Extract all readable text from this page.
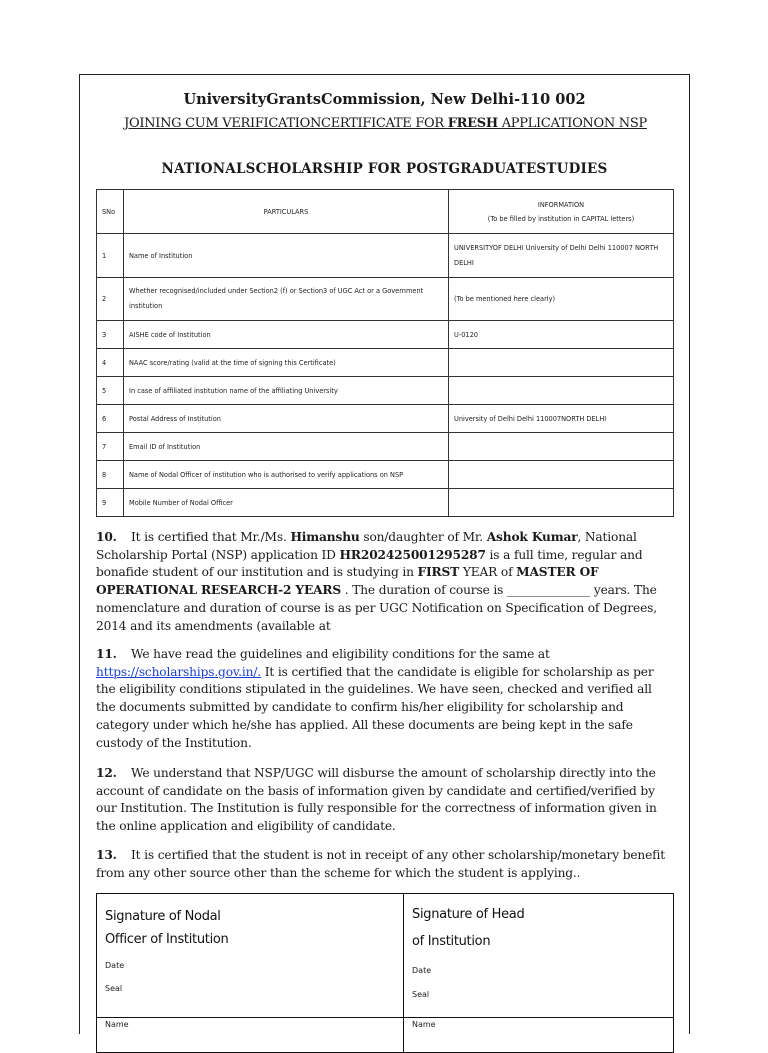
UniversityGrantsCommission, New Delhi-110 002
JOINING CUM VERIFICATIONCERTIFICATE FOR FRESH APPLICATIONON NSP
NATIONALSCHOLARSHIP FOR POSTGRADUATESTUDIES
SNo	PARTICULARS	INFORMATION
(To be filled by institution in CAPITAL letters)

1	Name of Institution	UNIVERSITYOF DELHI University of Delhi Delhi 110007 NORTH DELHI
2	Whether recognised/included under Section2 (f) or Section3 of UGC Act or a Government institution	(To be mentioned here clearly)
3	AISHE code of Institution	U-0120
4	NAAC score/rating (valid at the time of signing this Certificate)	
5	In case of affiliated institution name of the affiliating University	
6	Postal Address of Institution	University of Delhi Delhi 110007NORTH DELHI
7	Email ID of Institution	
8	Name of Nodal Officer of institution who is authorised to verify applications on NSP	
9	Mobile Number of Nodal Officer	

10. It is certified that Mr./Ms. Himanshu son/daughter of Mr. Ashok Kumar, National Scholarship Portal (NSP) application ID HR202425001295287 is a full time, regular and bonafide student of our institution and is studying in FIRST YEAR of MASTER OF OPERATIONAL RESEARCH-2 YEARS . The duration of course is ______________ years. The nomenclature and duration of course is as per UGC Notification on Specification of Degrees, 2014 and its amendments (available at

11. We have read the guidelines and eligibility conditions for the same at https://scholarships.gov.in/. It is certified that the candidate is eligible for scholarship as per the eligibility conditions stipulated in the guidelines. We have seen, checked and verified all the documents submitted by candidate to confirm his/her eligibility for scholarship and category under which he/she has applied. All these documents are being kept in the safe custody of the Institution.

12. We understand that NSP/UGC will disburse the amount of scholarship directly into the account of candidate on the basis of information given by candidate and certified/verified by our Institution. The Institution is fully responsible for the correctness of information given in the online application and eligibility of candidate.

13. It is certified that the student is not in receipt of any other scholarship/monetary benefit from any other source other than the scheme for which the student is applying..

Signature of Nodal
Officer of Institution
Date
Seal
Name
Signature of Head
of Institution
Date
Seal
Name
